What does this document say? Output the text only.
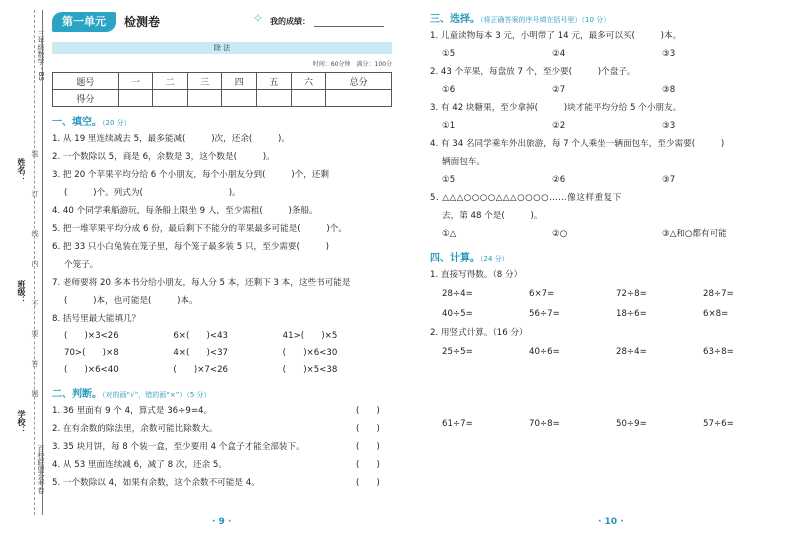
三年级数学 · BS
姓名：
班级：
学校：
百校联盟金考卷
装
订
线
内
不
要
答
题
第一单元	检测卷	✧ 我的成绩：
除 法
时间：60分钟　满分：100分
题号	一	二	三	四	五	六	总分
得分							
一、填空。（20 分）
1. 从 19 里连续减去 5，最多能减(　　　)次，还余(　　　)。
2. 一个数除以 5，商是 6，余数是 3，这个数是(　　　)。
3. 把 20 个苹果平均分给 6 个小朋友，每个小朋友分到(　　　)个，还剩
(　　　)个。列式为(　　　　　　　　　　)。
4. 40 个同学乘船游玩，每条船上限坐 9 人，至少需租(　　　)条船。
5. 把一堆苹果平均分成 6 份，最后剩下不能分的苹果最多可能是(　　　)个。
6. 把 33 只小白兔装在笼子里，每个笼子最多装 5 只，至少需要(　　　)
个笼子。
7. 老师要将 20 多本书分给小朋友，每人分 5 本，还剩下 3 本，这些书可能是
(　　　)本，也可能是(　　　)本。
8. 括号里最大能填几？
(　　)×3<26	6×(　　)<43	41>(　　)×5
70>(　　)×8	4×(　　)<37	(　　)×6<30
(　　)×6<40	(　　)×7<26	(　　)×5<38
二、判断。（对的画“√”，错的画“×”）（5 分）
1. 36 里面有 9 个 4，算式是 36÷9=4。	(　　)
2. 在有余数的除法里，余数可能比除数大。	(　　)
3. 35 块月饼，每 8 个装一盒，至少要用 4 个盒子才能全部装下。	(　　)
4. 从 53 里面连续减 6，减了 8 次，还余 5。	(　　)
5. 一个数除以 4，如果有余数，这个余数不可能是 4。	(　　)
· 9 ·
三、选择。（将正确答案的序号填在括号里）（10 分）
1. 儿童读物每本 3 元，小明带了 14 元，最多可以买(　　　)本。
①5	②4	③3
2. 43 个苹果，每盘放 7 个，至少要(　　　)个盘子。
①6	②7	③8
3. 有 42 块糖果，至少拿掉(　　　)块才能平均分给 5 个小朋友。
①1	②2	③3
4. 有 34 名同学乘车外出旅游，每 7 个人乘坐一辆面包车，至少需要(　　　)
辆面包车。
①5	②6	③7
5. △△△○○○○△△△○○○○……像这样重复下
去，第 48 个是(　　　)。
①△	②○	③△和○都有可能
四、计算。（24 分）
1. 直接写得数。（8 分）
28÷4=	6×7=	72÷8=	28÷7=
40÷5=	56÷7=	18÷6=	6×8=
2. 用竖式计算。（16 分）
25÷5=	40÷6=	28÷4=	63÷8=
61÷7=	70÷8=	50÷9=	57÷6=
· 10 ·
